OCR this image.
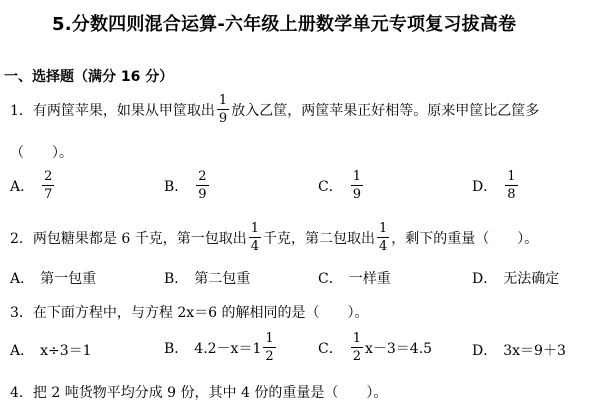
5.分数四则混合运算-六年级上册数学单元专项复习拔高卷
一、选择题（满分 16 分）
1．有两筐苹果，如果从甲筐取出 $\frac{1}{9}$ 放入乙筐，两筐苹果正好相等。原来甲筐比乙筐多
（　　）。
A． $\frac{2}{7}$	B． $\frac{2}{9}$	C． $\frac{1}{9}$	D． $\frac{1}{8}$
2．两包糖果都是 6 千克，第一包取出 $\frac{1}{4}$ 千克，第二包取出 $\frac{1}{4}$ ，剩下的重量（　　）。
A． 第一包重	B． 第二包重	C． 一样重	D． 无法确定
3．在下面方程中，与方程 2x＝6 的解相同的是（　　）。
A． x÷3＝1	B． $4.2-x=1 \frac{1}{2}$	C． $\frac{1}{2} x-3=4.5$	D． 3x＝9＋3
4．把 2 吨货物平均分成 9 份，其中 4 份的重量是（　　）。
